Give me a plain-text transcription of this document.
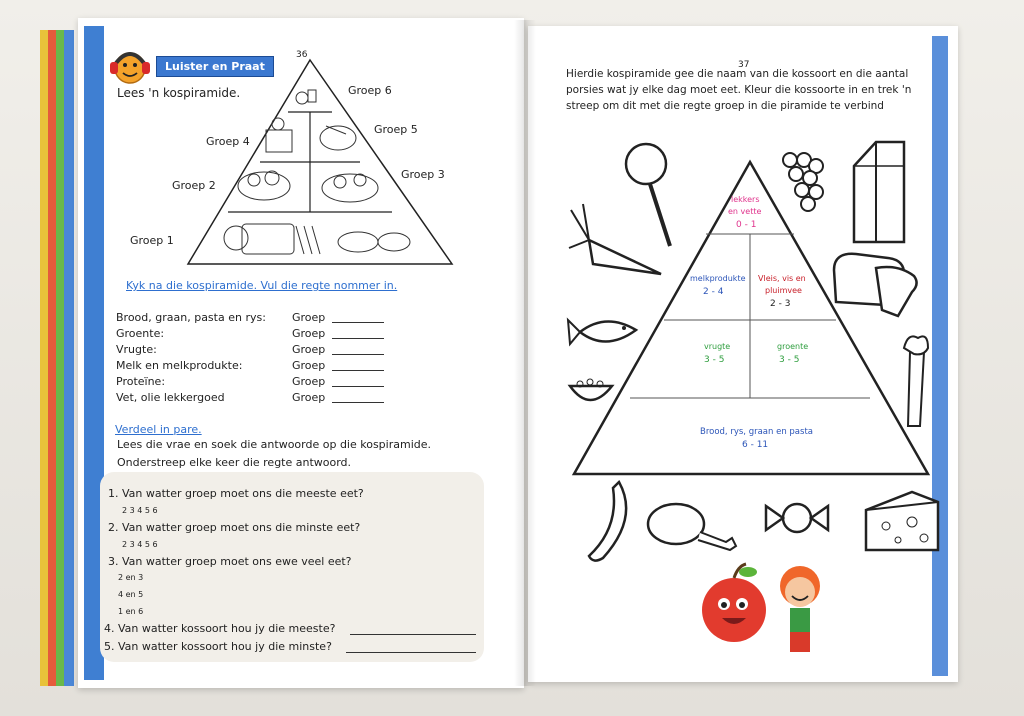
Luister en Praat
36
Lees 'n kospiramide.	Groep 6
Groep 5
Groep 4
Groep 3
Groep 2
Groep 1
Kyk na die kospiramide. Vul die regte nommer in.
Brood, graan, pasta en rys: Groep
Groente:	Groep
Vrugte:	Groep
Melk en melkprodukte:	Groep
Proteïne:	Groep
Vet, olie lekkergoed	Groep
Verdeel in pare.
Lees die vrae en soek die antwoorde op die kospiramide.
Onderstreep elke keer die regte antwoord.
1. Van watter groep moet ons die meeste eet?
2 3 4 5 6
2. Van watter groep moet ons die minste eet?
2 3 4 5 6
3. Van watter groep moet ons ewe veel eet?
2 en 3
4 en 5
1 en 6
4. Van watter kossoort hou jy die meeste?
5. Van watter kossoort hou jy die minste?
37
Hierdie kospiramide gee die naam van die kossoort en die aantal
porsies wat jy elke dag moet eet. Kleur die kossoorte in en trek 'n
streep om dit met die regte groep in die piramide te verbind
lekkers
en vette
0 - 1
melkprodukte
2 - 4
Vleis, vis en
pluimvee
2 - 3
vrugte
3 - 5
groente
3 - 5
Brood, rys, graan en pasta
6 - 11
